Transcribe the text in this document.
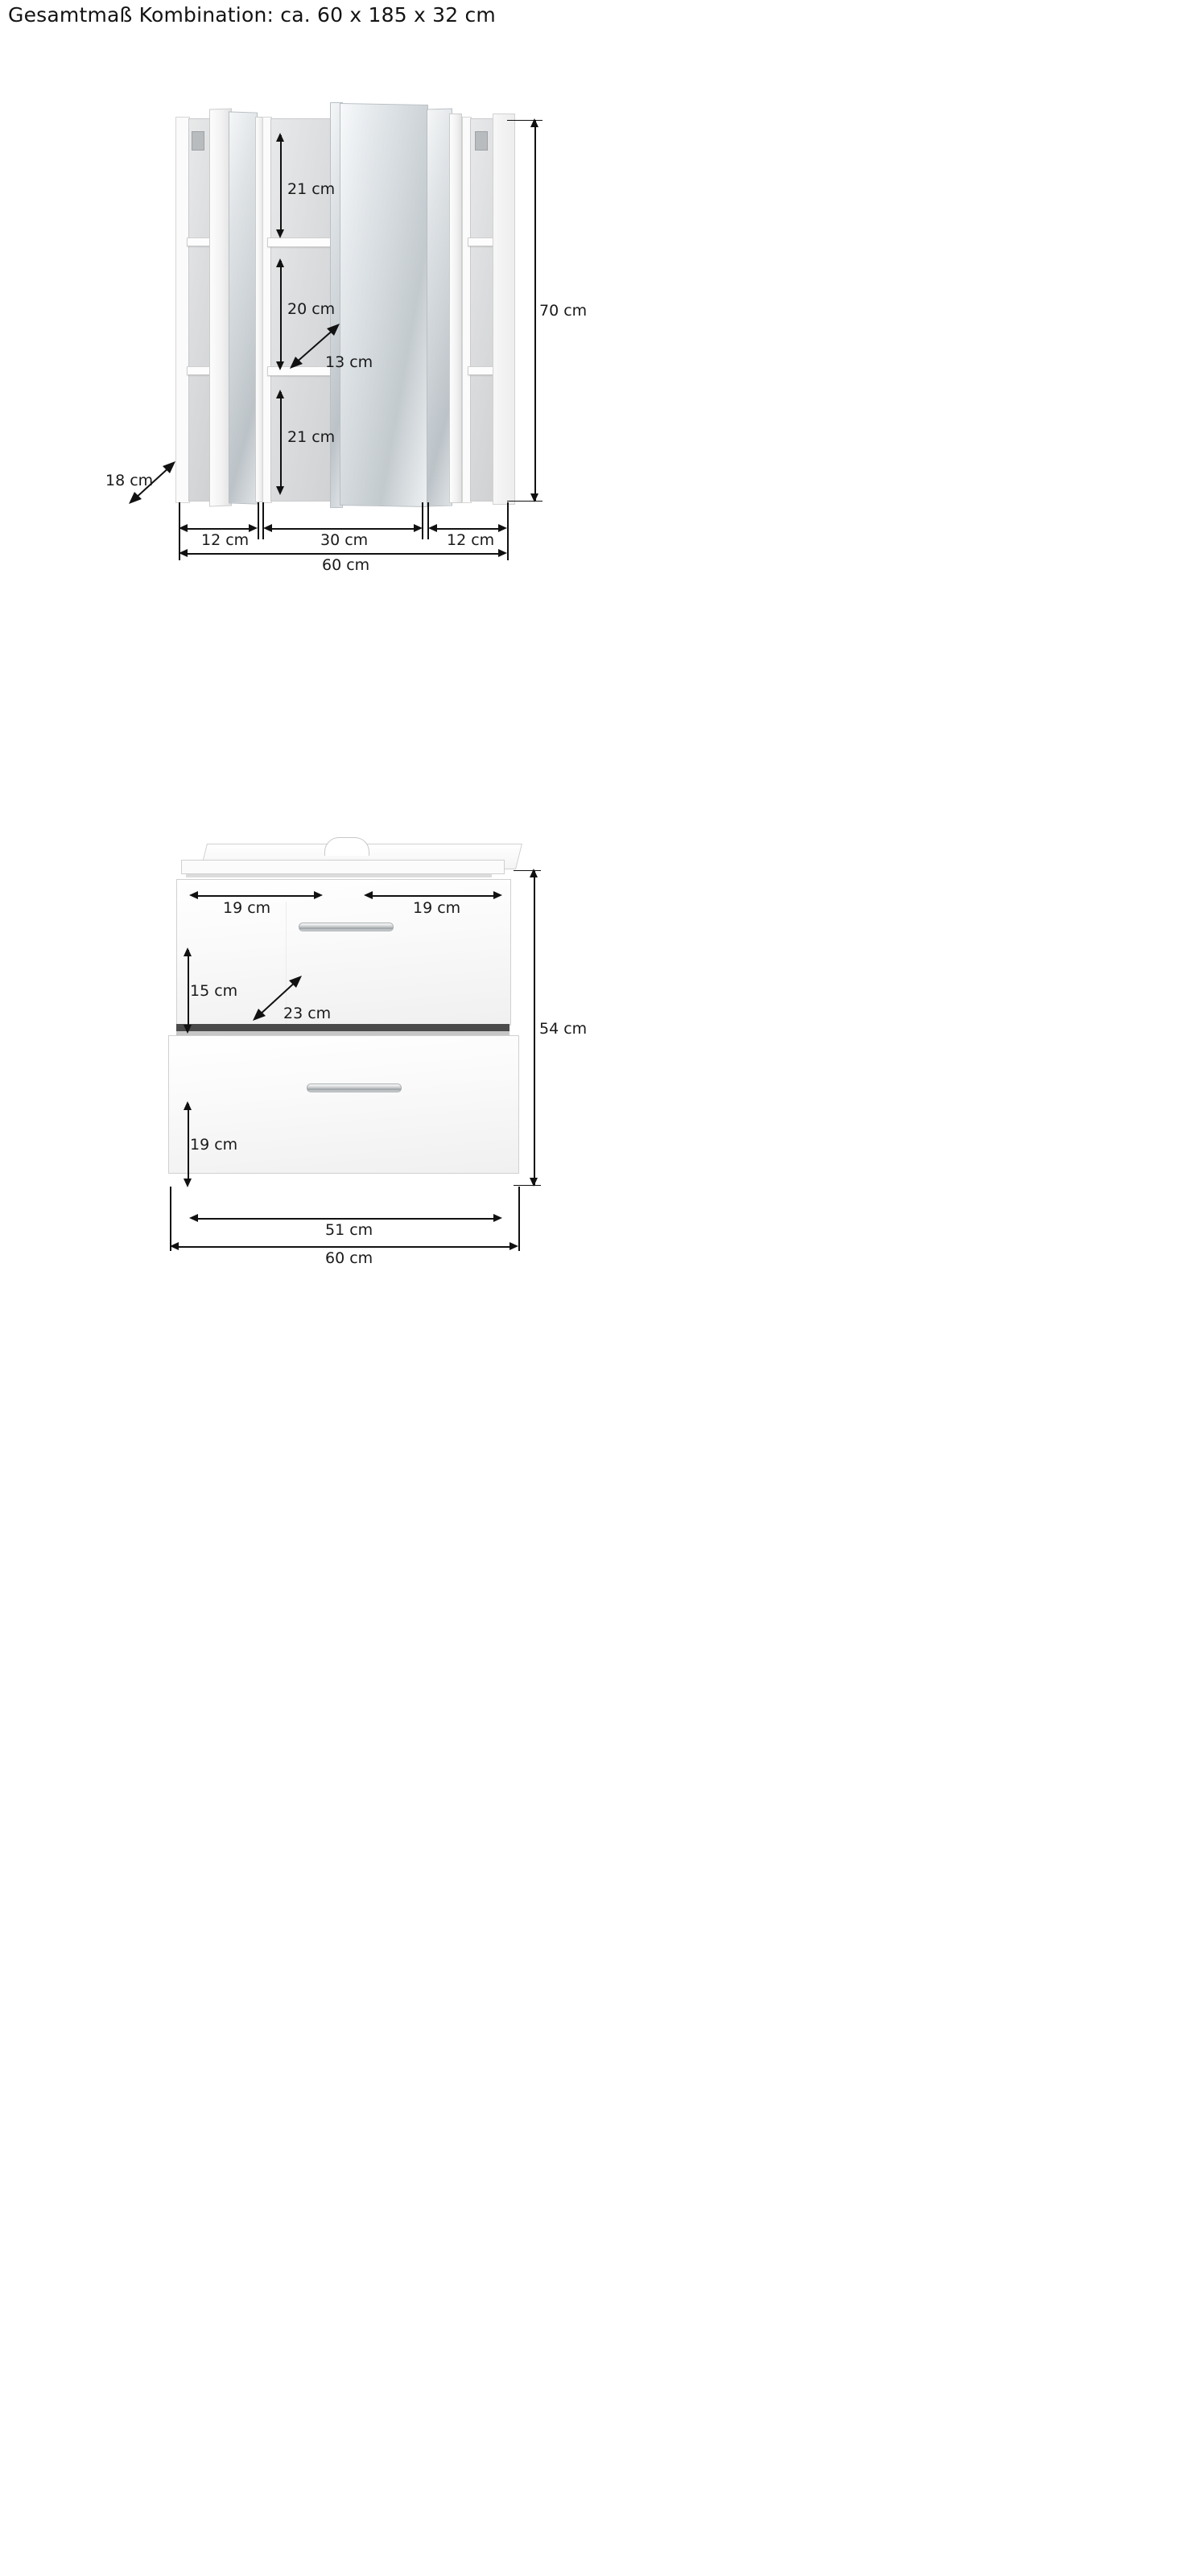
Gesamtmaß Kombination: ca. 60 x 185 x 32 cm
21 cm
20 cm
13 cm
21 cm
18 cm
70 cm
12 cm	30 cm	12 cm
60 cm
19 cm	19 cm
15 cm
23 cm
19 cm
54 cm
51 cm
60 cm
